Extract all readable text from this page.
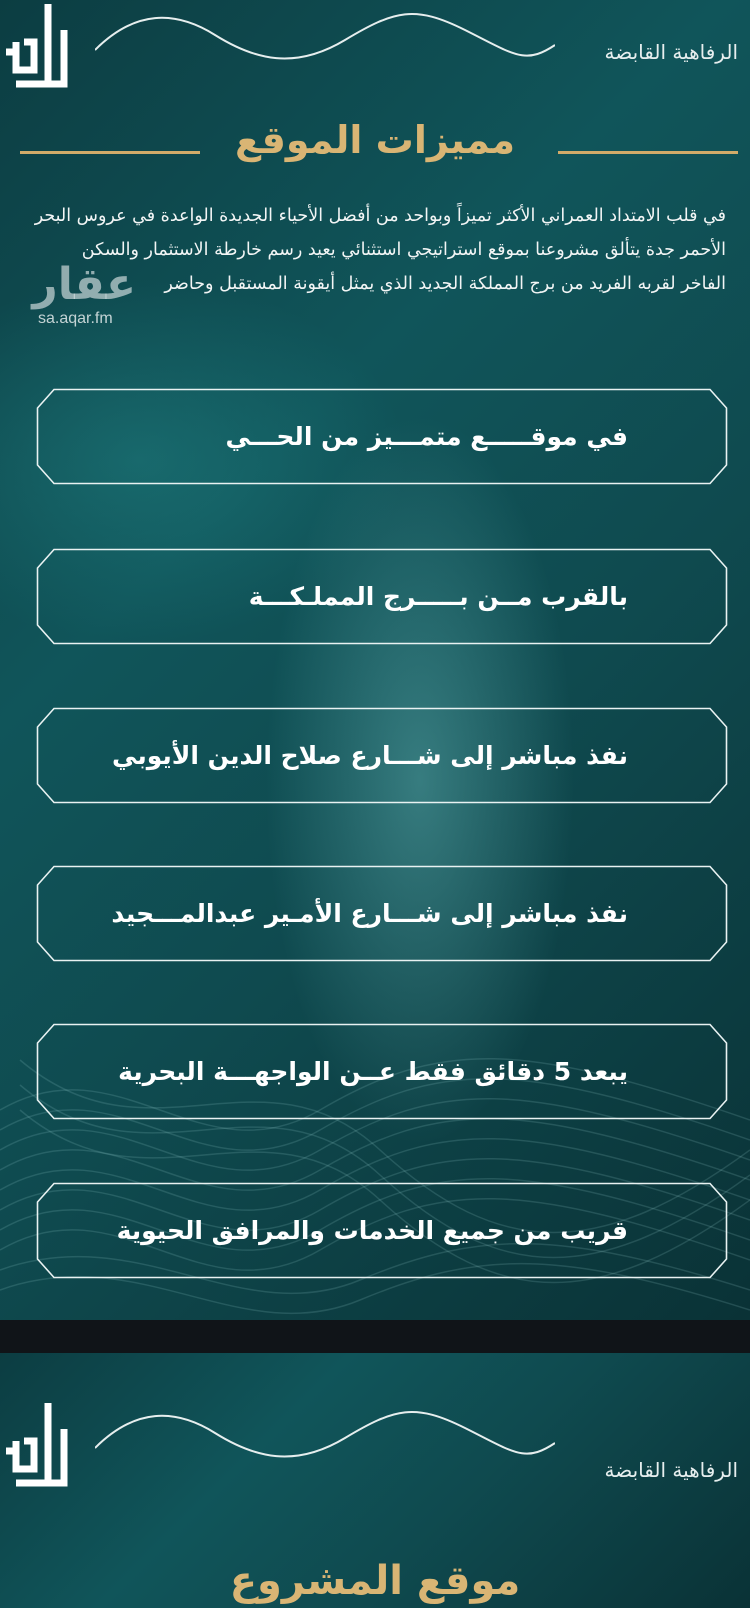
الرفاهية القابضة
مميزات الموقع
في قلب الامتداد العمراني الأكثر تميزاً وبواحد من أفضل الأحياء الجديدة الواعدة في عروس البحر الأحمر جدة يتألق مشروعنا بموقع استراتيجي استثنائي يعيد رسم خارطة الاستثمار والسكن الفاخر لقربه الفريد من برج المملكة الجديد الذي يمثل أيقونة المستقبل وحاضر
عقار
sa.aqar.fm
في موقـــــع متمـــيز من الحـــي
بالقرب مــن بـــــرج المملـكـــة
نفذ مباشر إلى شـــارع صلاح الدين الأيوبي
نفذ مباشر إلى شـــارع الأمـير عبدالمـــجيد
يبعد 5 دقائق فقط عــن الواجهـــة البحرية
قريب من جميع الخدمات والمرافق الحيوية
الرفاهية القابضة
موقع المشروع
